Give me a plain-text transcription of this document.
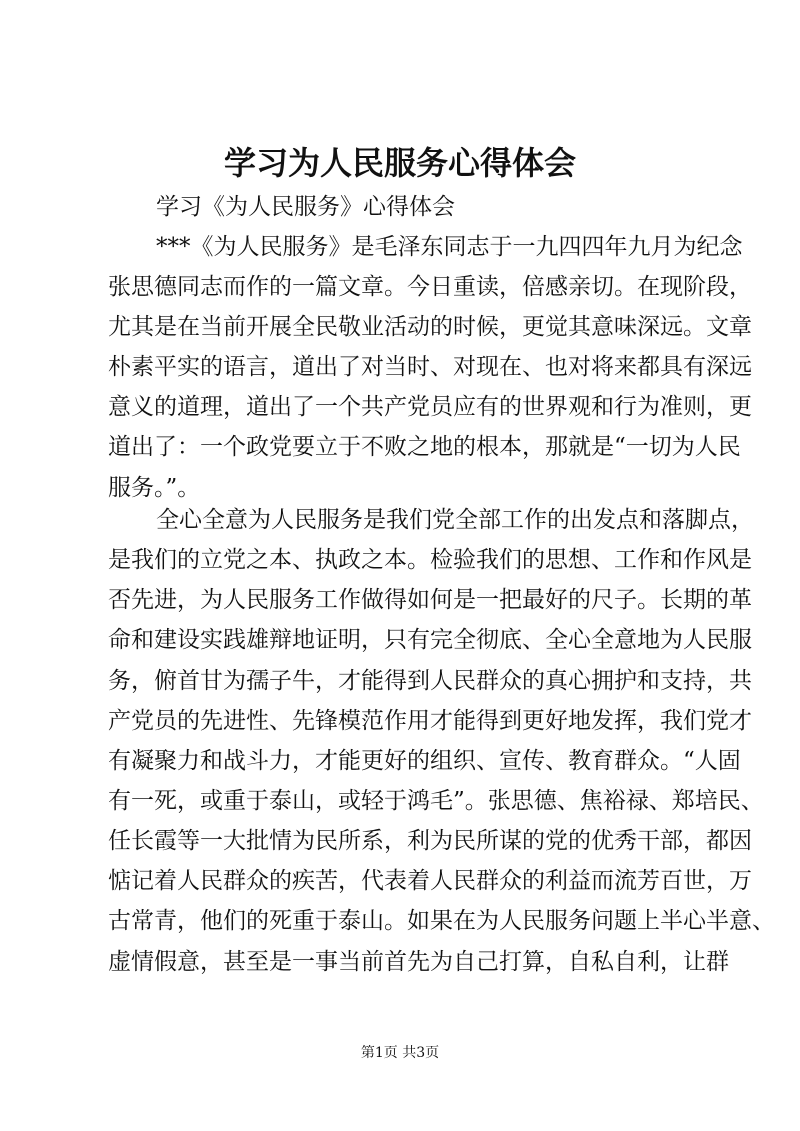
学习为人民服务心得体会
学习《为人民服务》心得体会
***《为人民服务》是毛泽东同志于一九四四年九月为纪念
张思德同志而作的一篇文章。今日重读，倍感亲切。在现阶段，
尤其是在当前开展全民敬业活动的时候，更觉其意味深远。文章
朴素平实的语言，道出了对当时、对现在、也对将来都具有深远
意义的道理，道出了一个共产党员应有的世界观和行为准则，更
道出了：一个政党要立于不败之地的根本，那就是“一切为人民
服务。”。
全心全意为人民服务是我们党全部工作的出发点和落脚点，
是我们的立党之本、执政之本。检验我们的思想、工作和作风是
否先进，为人民服务工作做得如何是一把最好的尺子。长期的革
命和建设实践雄辩地证明，只有完全彻底、全心全意地为人民服
务，俯首甘为孺子牛，才能得到人民群众的真心拥护和支持，共
产党员的先进性、先锋模范作用才能得到更好地发挥，我们党才
有凝聚力和战斗力，才能更好的组织、宣传、教育群众。“人固
有一死，或重于泰山，或轻于鸿毛”。张思德、焦裕禄、郑培民、
任长霞等一大批情为民所系，利为民所谋的党的优秀干部，都因
惦记着人民群众的疾苦，代表着人民群众的利益而流芳百世，万
古常青，他们的死重于泰山。如果在为人民服务问题上半心半意、
虚情假意，甚至是一事当前首先为自己打算，自私自利，让群
第1页 共3页
